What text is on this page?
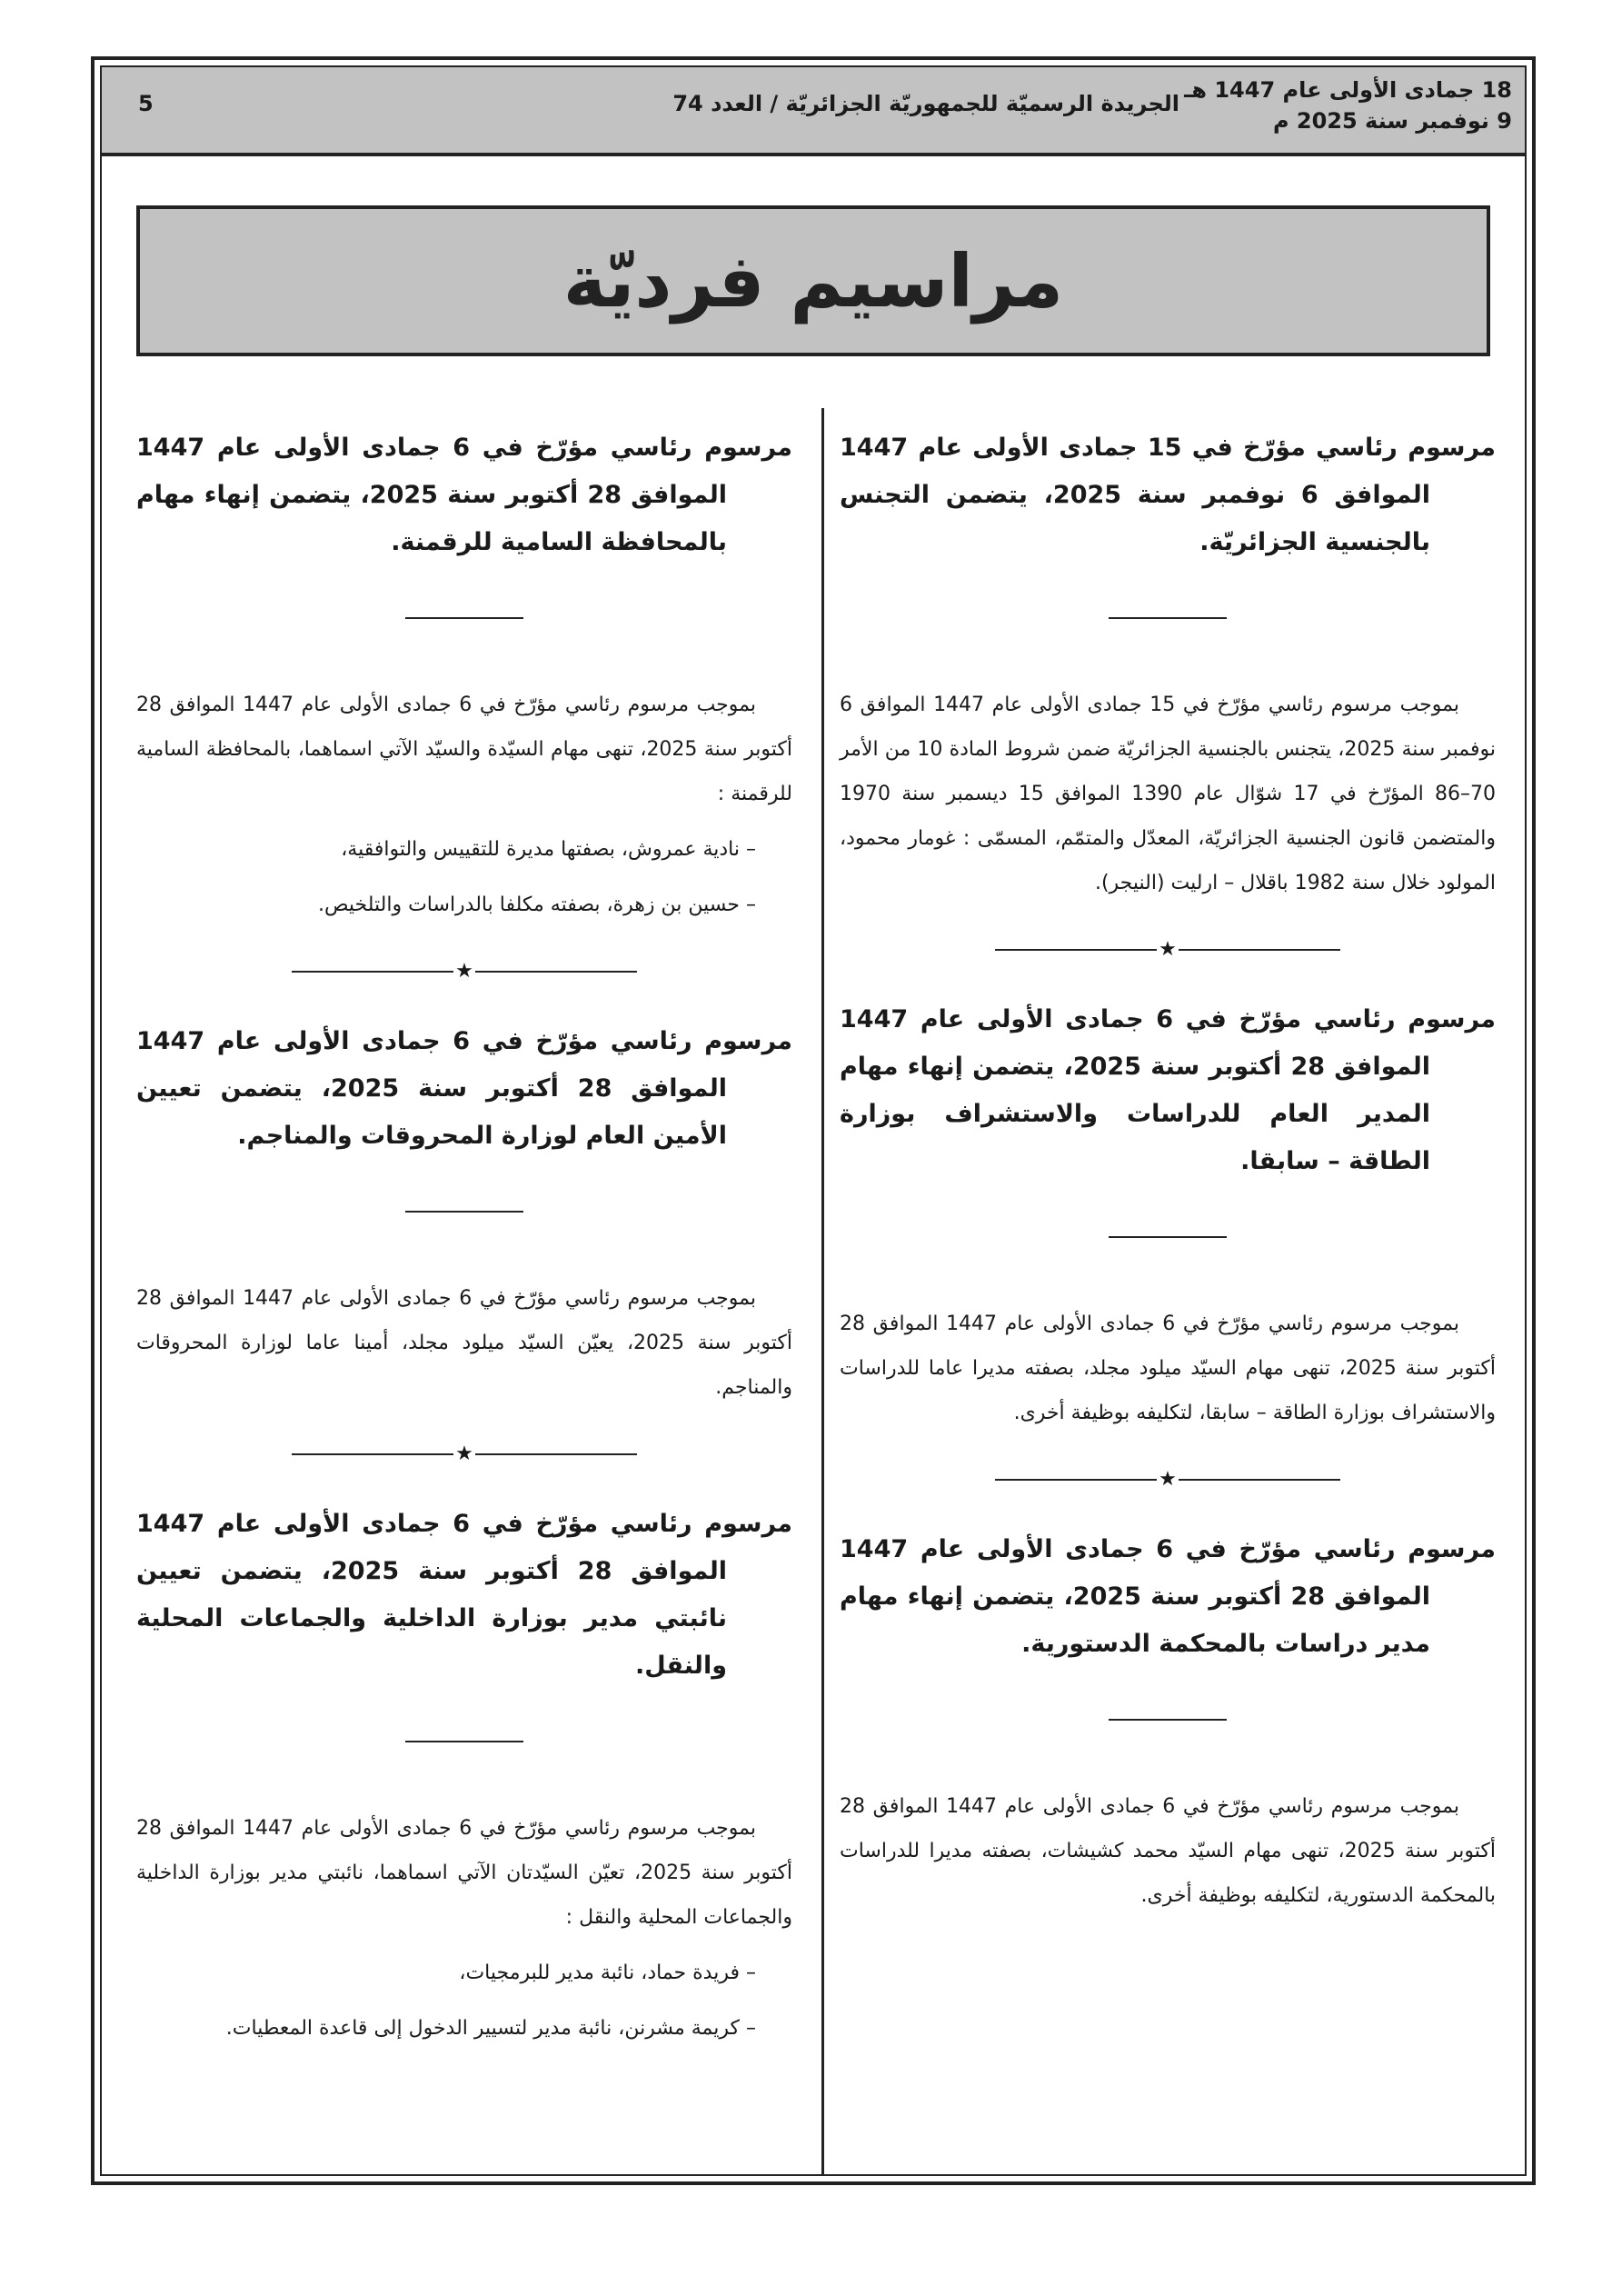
18 جمادى الأولى عام 1447 هـ
9 نوفمبر سنة 2025 م
الجريدة الرسميّة للجمهوريّة الجزائريّة / العدد 74
5
مراسيم فرديّة

مرسوم رئاسي مؤرّخ في 15 جمادى الأولى عام 1447 الموافق 6 نوفمبر سنة 2025، يتضمن التجنس بالجنسية الجزائريّة.

بموجب مرسوم رئاسي مؤرّخ في 15 جمادى الأولى عام 1447 الموافق 6 نوفمبر سنة 2025، يتجنس بالجنسية الجزائريّة ضمن شروط المادة 10 من الأمر 70–86 المؤرّخ في 17 شوّال عام 1390 الموافق 15 ديسمبر سنة 1970 والمتضمن قانون الجنسية الجزائريّة، المعدّل والمتمّم، المسمّى : غومار محمود، المولود خلال سنة 1982 باقلال – ارليت (النيجر).

★

مرسوم رئاسي مؤرّخ في 6 جمادى الأولى عام 1447 الموافق 28 أكتوبر سنة 2025، يتضمن إنهاء مهام المدير العام للدراسات والاستشراف بوزارة الطاقة – سابقا.

بموجب مرسوم رئاسي مؤرّخ في 6 جمادى الأولى عام 1447 الموافق 28 أكتوبر سنة 2025، تنهى مهام السيّد ميلود مجلد، بصفته مديرا عاما للدراسات والاستشراف بوزارة الطاقة – سابقا، لتكليفه بوظيفة أخرى.

★

مرسوم رئاسي مؤرّخ في 6 جمادى الأولى عام 1447 الموافق 28 أكتوبر سنة 2025، يتضمن إنهاء مهام مدير دراسات بالمحكمة الدستورية.

بموجب مرسوم رئاسي مؤرّخ في 6 جمادى الأولى عام 1447 الموافق 28 أكتوبر سنة 2025، تنهى مهام السيّد محمد كشيشات، بصفته مديرا للدراسات بالمحكمة الدستورية، لتكليفه بوظيفة أخرى.

مرسوم رئاسي مؤرّخ في 6 جمادى الأولى عام 1447 الموافق 28 أكتوبر سنة 2025، يتضمن إنهاء مهام بالمحافظة السامية للرقمنة.

بموجب مرسوم رئاسي مؤرّخ في 6 جمادى الأولى عام 1447 الموافق 28 أكتوبر سنة 2025، تنهى مهام السيّدة والسيّد الآتي اسماهما، بالمحافظة السامية للرقمنة :

– نادية عمروش، بصفتها مديرة للتقييس والتوافقية،

– حسين بن زهرة، بصفته مكلفا بالدراسات والتلخيص.

★

مرسوم رئاسي مؤرّخ في 6 جمادى الأولى عام 1447 الموافق 28 أكتوبر سنة 2025، يتضمن تعيين الأمين العام لوزارة المحروقات والمناجم.

بموجب مرسوم رئاسي مؤرّخ في 6 جمادى الأولى عام 1447 الموافق 28 أكتوبر سنة 2025، يعيّن السيّد ميلود مجلد، أمينا عاما لوزارة المحروقات والمناجم.

★

مرسوم رئاسي مؤرّخ في 6 جمادى الأولى عام 1447 الموافق 28 أكتوبر سنة 2025، يتضمن تعيين نائبتي مدير بوزارة الداخلية والجماعات المحلية والنقل.

بموجب مرسوم رئاسي مؤرّخ في 6 جمادى الأولى عام 1447 الموافق 28 أكتوبر سنة 2025، تعيّن السيّدتان الآتي اسماهما، نائبتي مدير بوزارة الداخلية والجماعات المحلية والنقل :

– فريدة حماد، نائبة مدير للبرمجيات،

– كريمة مشرنن، نائبة مدير لتسيير الدخول إلى قاعدة المعطيات.
